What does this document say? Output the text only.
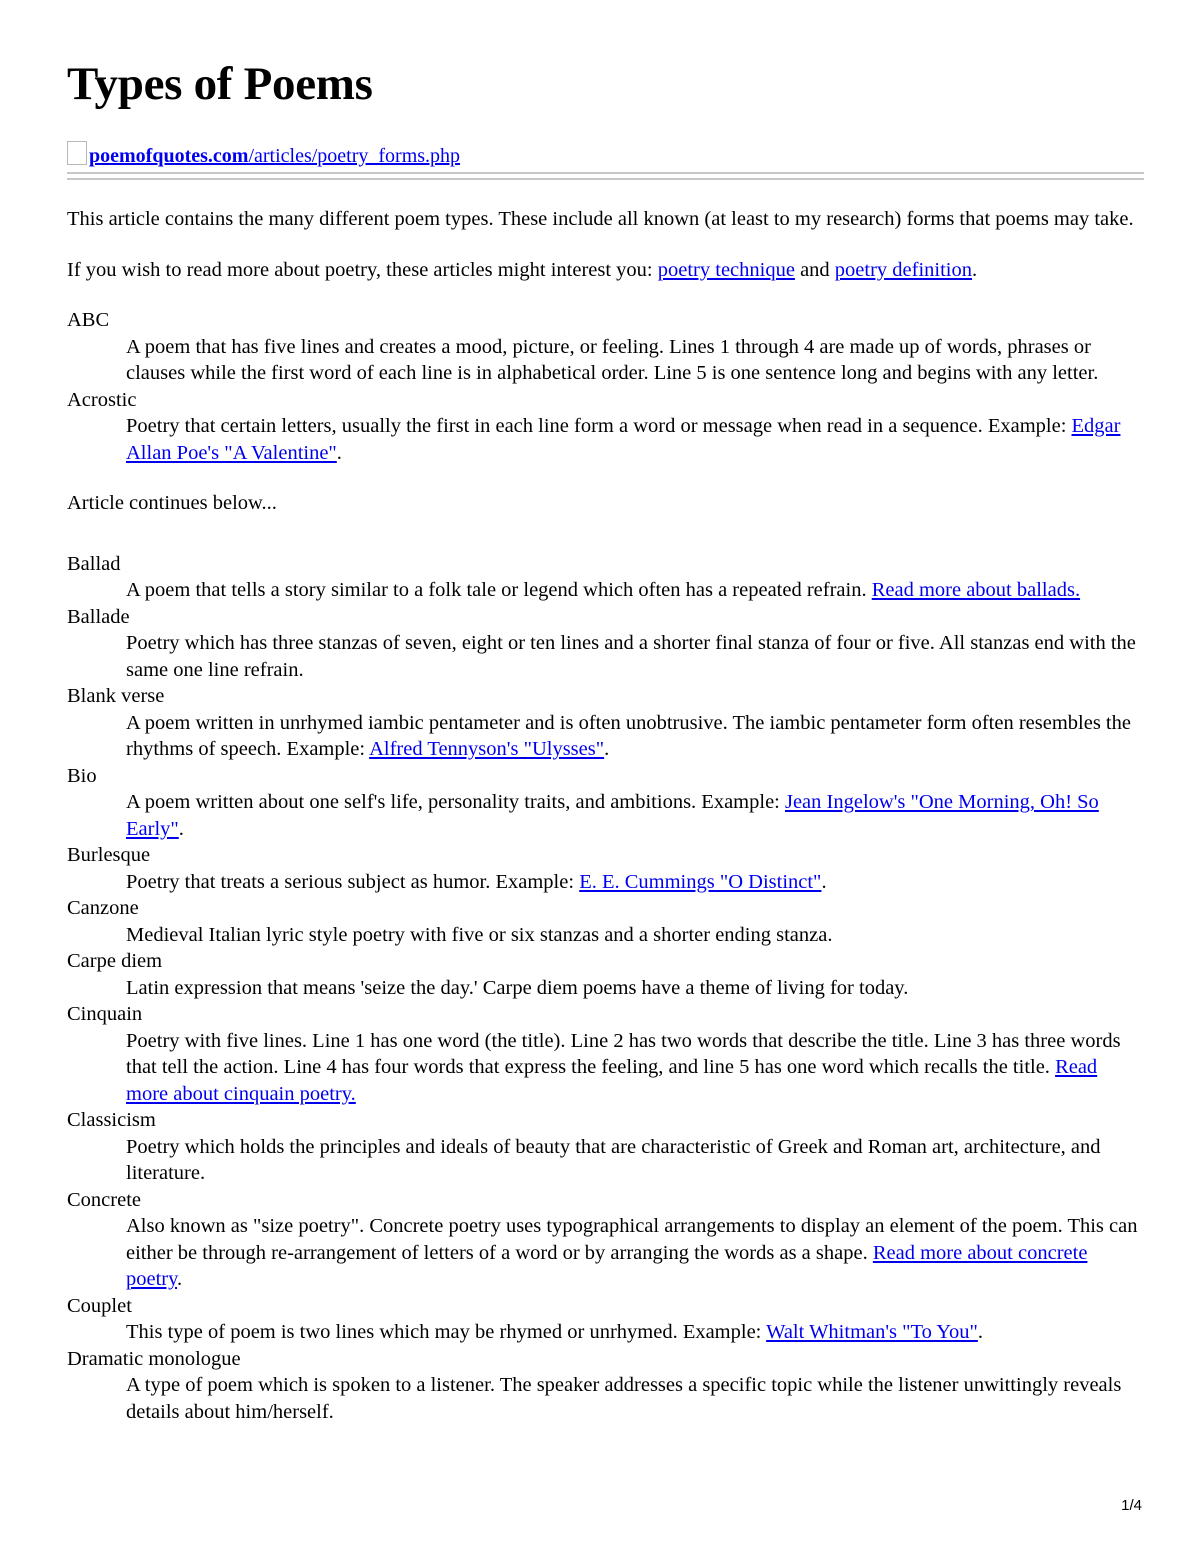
Types of Poems
poemofquotes.com/articles/poetry_forms.php

This article contains the many different poem types. These include all known (at least to my research) forms that poems may take.

If you wish to read more about poetry, these articles might interest you: poetry technique and poetry definition.

ABC
A poem that has five lines and creates a mood, picture, or feeling. Lines 1 through 4 are made up of words, phrases or clauses while the first word of each line is in alphabetical order. Line 5 is one sentence long and begins with any letter.
Acrostic
Poetry that certain letters, usually the first in each line form a word or message when read in a sequence. Example: Edgar Allan Poe's "A Valentine".

Article continues below...

Ballad
A poem that tells a story similar to a folk tale or legend which often has a repeated refrain. Read more about ballads.
Ballade
Poetry which has three stanzas of seven, eight or ten lines and a shorter final stanza of four or five. All stanzas end with the same one line refrain.
Blank verse
A poem written in unrhymed iambic pentameter and is often unobtrusive. The iambic pentameter form often resembles the rhythms of speech. Example: Alfred Tennyson's "Ulysses".
Bio
A poem written about one self's life, personality traits, and ambitions. Example: Jean Ingelow's "One Morning, Oh! So Early".
Burlesque
Poetry that treats a serious subject as humor. Example: E. E. Cummings "O Distinct".
Canzone
Medieval Italian lyric style poetry with five or six stanzas and a shorter ending stanza.
Carpe diem
Latin expression that means 'seize the day.' Carpe diem poems have a theme of living for today.
Cinquain
Poetry with five lines. Line 1 has one word (the title). Line 2 has two words that describe the title. Line 3 has three words that tell the action. Line 4 has four words that express the feeling, and line 5 has one word which recalls the title. Read more about cinquain poetry.
Classicism
Poetry which holds the principles and ideals of beauty that are characteristic of Greek and Roman art, architecture, and literature.
Concrete
Also known as "size poetry". Concrete poetry uses typographical arrangements to display an element of the poem. This can either be through re-arrangement of letters of a word or by arranging the words as a shape. Read more about concrete poetry.
Couplet
This type of poem is two lines which may be rhymed or unrhymed. Example: Walt Whitman's "To You".
Dramatic monologue
A type of poem which is spoken to a listener. The speaker addresses a specific topic while the listener unwittingly reveals details about him/herself.
1/4
